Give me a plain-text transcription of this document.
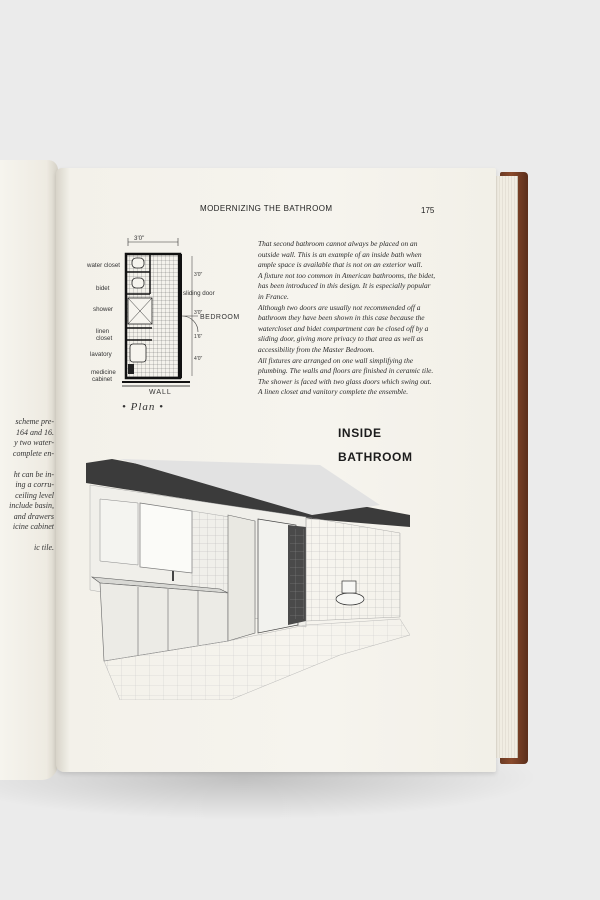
scheme pre-
164 and 16.
y two water-
complete en-

ht can be in-
ing a corru-
ceiling level
include basin,
and drawers
icine cabinet

ic tile.
MODERNIZING THE BATHROOM	175

That second bathroom cannot always be placed on an outside wall. This is an example of an inside bath when ample space is available that is not on an exterior wall.

A fixture not too common in American bathrooms, the bidet, has been introduced in this design. It is especially popular in France.

Although two doors are usually not recommended off a bathroom they have been shown in this case because the watercloset and bidet compartment can be closed off by a sliding door, giving more privacy to that area as well as accessibility from the Master Bedroom.

All fixtures are arranged on one wall simplifying the plumbing. The walls and floors are finished in ceramic tile. The shower is faced with two glass doors which swing out. A linen closet and vanitory complete the ensemble.

INSIDE
BATHROOM
3'0"
3'0"
1'6"
4'0"
3'0"
water closet
bidet
shower
linen
closet
lavatory
medicine
cabinet
sliding door
BEDROOM
WALL
• Plan •
